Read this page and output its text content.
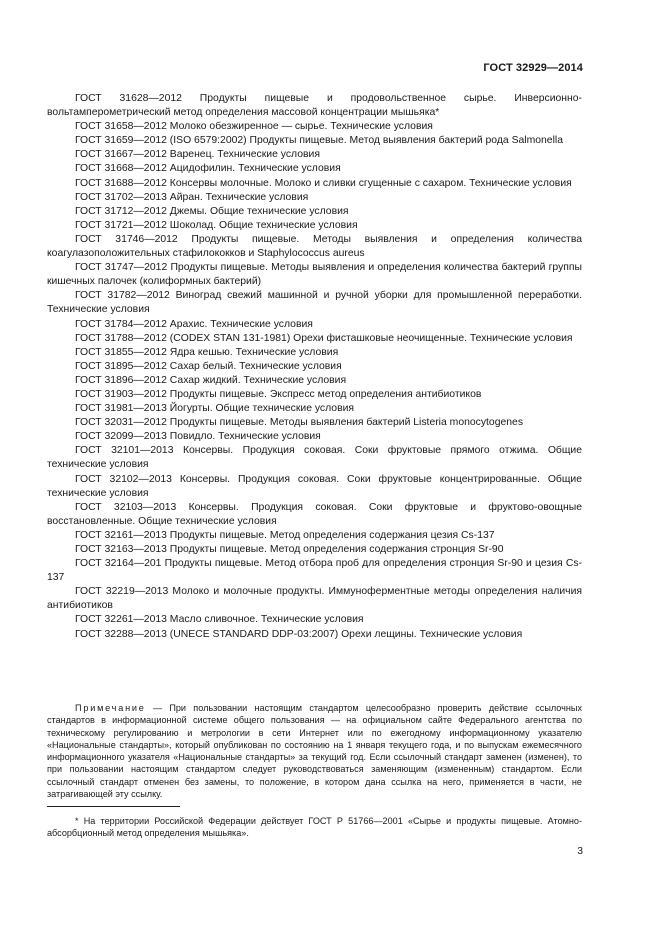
ГОСТ 32929—2014

ГОСТ 31628—2012 Продукты пищевые и продовольственное сырье. Инверсионно-вольтамперометрический метод определения массовой концентрации мышьяка*

ГОСТ 31658—2012 Молоко обезжиренное — сырье. Технические условия

ГОСТ 31659—2012 (ISO 6579:2002) Продукты пищевые. Метод выявления бактерий рода Salmonella

ГОСТ 31667—2012 Варенец. Технические условия

ГОСТ 31668—2012 Ацидофилин. Технические условия

ГОСТ 31688—2012 Консервы молочные. Молоко и сливки сгущенные с сахаром. Технические условия

ГОСТ 31702—2013 Айран. Технические условия

ГОСТ 31712—2012 Джемы. Общие технические условия

ГОСТ 31721—2012 Шоколад. Общие технические условия

ГОСТ 31746—2012 Продукты пищевые. Методы выявления и определения количества коагулазоположительных стафилококков и Staphylococcus aureus

ГОСТ 31747—2012 Продукты пищевые. Методы выявления и определения количества бактерий группы кишечных палочек (колиформных бактерий)

ГОСТ 31782—2012 Виноград свежий машинной и ручной уборки для промышленной переработки. Технические условия

ГОСТ 31784—2012 Арахис. Технические условия

ГОСТ 31788—2012 (CODEX STAN 131-1981) Орехи фисташковые неочищенные. Технические условия

ГОСТ 31855—2012 Ядра кешью. Технические условия

ГОСТ 31895—2012 Сахар белый. Технические условия

ГОСТ 31896—2012 Сахар жидкий. Технические условия

ГОСТ 31903—2012 Продукты пищевые. Экспресс метод определения антибиотиков

ГОСТ 31981—2013 Йогурты. Общие технические условия

ГОСТ 32031—2012 Продукты пищевые. Методы выявления бактерий Listeria monocytogenes

ГОСТ 32099—2013 Повидло. Технические условия

ГОСТ 32101—2013 Консервы. Продукция соковая. Соки фруктовые прямого отжима. Общие технические условия

ГОСТ 32102—2013 Консервы. Продукция соковая. Соки фруктовые концентрированные. Общие технические условия

ГОСТ 32103—2013 Консервы. Продукция соковая. Соки фруктовые и фруктово-овощные восстановленные. Общие технические условия

ГОСТ 32161—2013 Продукты пищевые. Метод определения содержания цезия Cs-137

ГОСТ 32163—2013 Продукты пищевые. Метод определения содержания стронция Sr-90

ГОСТ 32164—201 Продукты пищевые. Метод отбора проб для определения стронция Sr-90 и цезия Cs-137

ГОСТ 32219—2013 Молоко и молочные продукты. Иммуноферментные методы определения наличия антибиотиков

ГОСТ 32261—2013 Масло сливочное. Технические условия

ГОСТ 32288—2013 (UNECE STANDARD DDP-03:2007) Орехи лещины. Технические условия

Примечание — При пользовании настоящим стандартом целесообразно проверить действие ссылочных стандартов в информационной системе общего пользования — на официальном сайте Федерального агентства по техническому регулированию и метрологии в сети Интернет или по ежегодному информационному указателю «Национальные стандарты», который опубликован по состоянию на 1 января текущего года, и по выпускам ежемесячного информационного указателя «Национальные стандарты» за текущий год. Если ссылочный стандарт заменен (изменен), то при пользовании настоящим стандартом следует руководствоваться заменяющим (измененным) стандартом. Если ссылочный стандарт отменен без замены, то положение, в котором дана ссылка на него, применяется в части, не затрагивающей эту ссылку.

* На территории Российской Федерации действует ГОСТ Р 51766—2001 «Сырье и продукты пищевые. Атомно-абсорбционный метод определения мышьяка».

3
